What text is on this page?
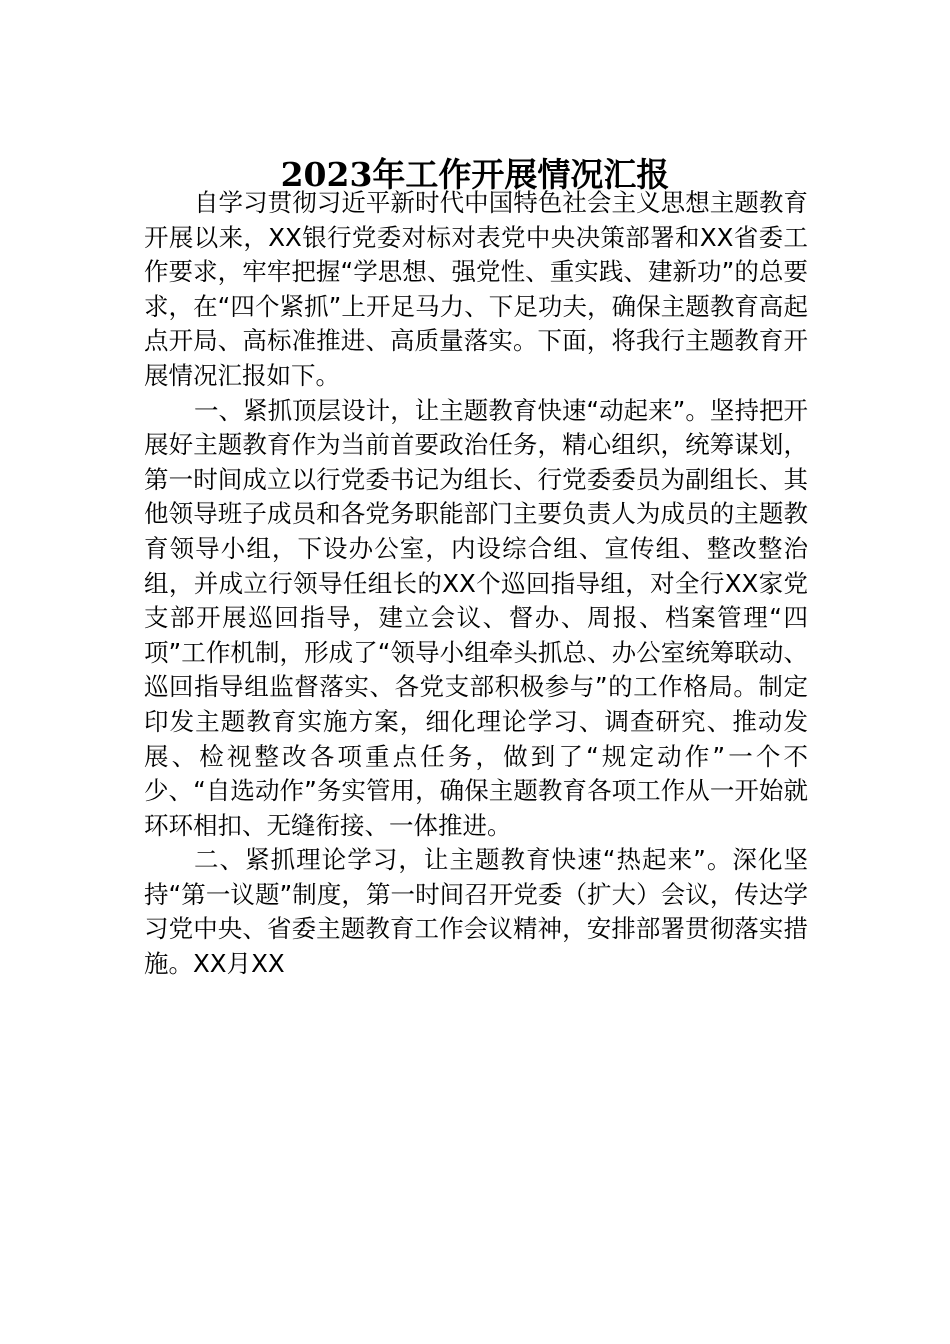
2023年工作开展情况汇报

自学习贯彻习近平新时代中国特色社会主义思想主题教育开展以来，XX银行党委对标对表党中央决策部署和XX省委工作要求，牢牢把握“学思想、强党性、重实践、建新功”的总要求，在“四个紧抓”上开足马力、下足功夫，确保主题教育高起点开局、高标准推进、高质量落实。下面，将我行主题教育开展情况汇报如下。

一、紧抓顶层设计，让主题教育快速“动起来”。坚持把开展好主题教育作为当前首要政治任务，精心组织，统筹谋划，第一时间成立以行党委书记为组长、行党委委员为副组长、其他领导班子成员和各党务职能部门主要负责人为成员的主题教育领导小组，下设办公室，内设综合组、宣传组、整改整治组，并成立行领导任组长的XX个巡回指导组，对全行XX家党支部开展巡回指导，建立会议、督办、周报、档案管理“四项”工作机制，形成了“领导小组牵头抓总、办公室统筹联动、巡回指导组监督落实、各党支部积极参与”的工作格局。制定印发主题教育实施方案，细化理论学习、调查研究、推动发展、检视整改各项重点任务，做到了“规定动作”一个不少、“自选动作”务实管用，确保主题教育各项工作从一开始就环环相扣、无缝衔接、一体推进。

二、紧抓理论学习，让主题教育快速“热起来”。深化坚持“第一议题”制度，第一时间召开党委（扩大）会议，传达学习党中央、省委主题教育工作会议精神，安排部署贯彻落实措施。XX月XX
